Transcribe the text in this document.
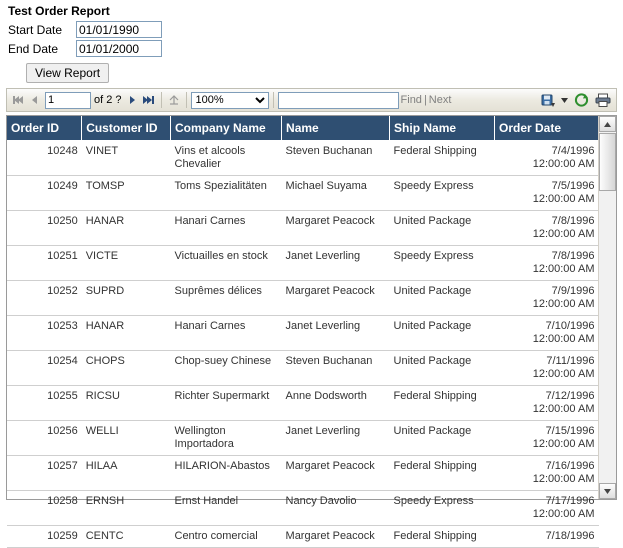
Test Order Report
Start Date
01/01/1990
End Date
01/01/2000
View Report
1
of 2 ?
100%	Find | Next
Order ID	Customer ID	Company Name	Name	Ship Name	Order Date
10248	VINET	Vins et alcools Chevalier	Steven Buchanan	Federal Shipping	7/4/1996
12:00:00 AM

10249	TOMSP	Toms Spezialitäten	Michael Suyama	Speedy Express	7/5/1996
12:00:00 AM

10250	HANAR	Hanari Carnes	Margaret Peacock	United Package	7/8/1996
12:00:00 AM

10251	VICTE	Victuailles en stock	Janet Leverling	Speedy Express	7/8/1996
12:00:00 AM

10252	SUPRD	Suprêmes délices	Margaret Peacock	United Package	7/9/1996
12:00:00 AM

10253	HANAR	Hanari Carnes	Janet Leverling	United Package	7/10/1996
12:00:00 AM

10254	CHOPS	Chop-suey Chinese	Steven Buchanan	United Package	7/11/1996
12:00:00 AM

10255	RICSU	Richter Supermarkt	Anne Dodsworth	Federal Shipping	7/12/1996
12:00:00 AM

10256	WELLI	Wellington Importadora	Janet Leverling	United Package	7/15/1996
12:00:00 AM

10257	HILAA	HILARION-Abastos	Margaret Peacock	Federal Shipping	7/16/1996
12:00:00 AM

10258	ERNSH	Ernst Handel	Nancy Davolio	Speedy Express	7/17/1996
12:00:00 AM

10259	CENTC	Centro comercial	Margaret Peacock	Federal Shipping	7/18/1996
